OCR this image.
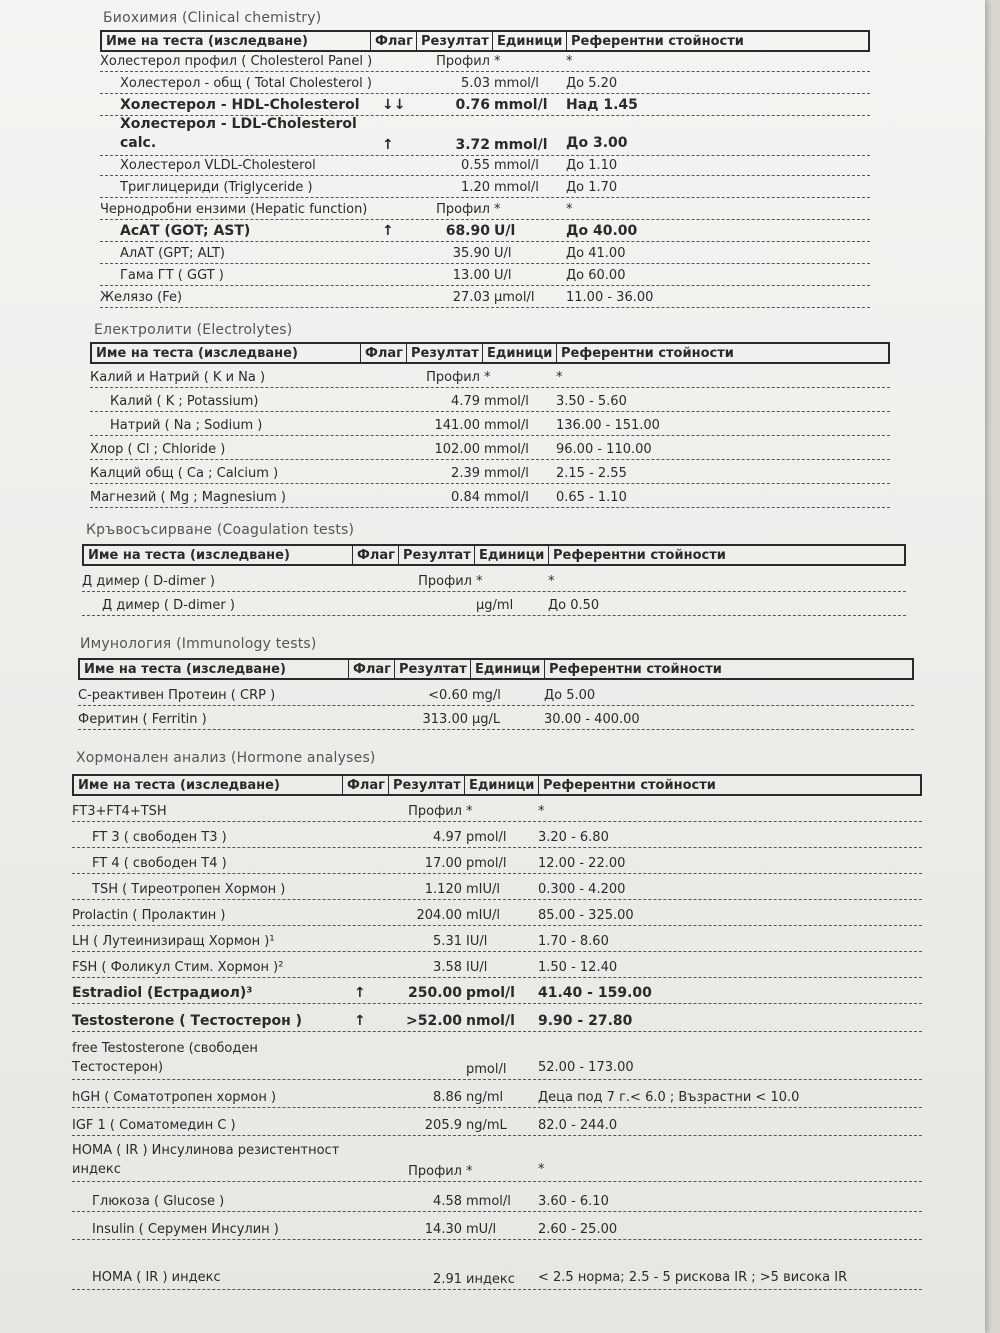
Биохимия (Clinical chemistry)
Име на теста (изследване)	Флаг Резултат Единици Референтни стойности
Холестерол профил ( Cholesterol Panel )	Профил *	*
Холестерол - общ ( Total Cholesterol )	5.03 mmol/l До 5.20
Холестерол - HDL-Cholesterol ↓↓	0.76 mmol/l Над 1.45
Холестерол - LDL-Cholesterol calc.	↑	3.72 mmol/l До 3.00
Холестерол VLDL-Cholesterol	0.55 mmol/l До 1.10
Триглицериди (Triglyceride )	1.20 mmol/l До 1.70
Чернодробни ензими (Hepatic function)	Профил *	*
АсАТ (GOT; AST)	↑	68.90 U/l	До 40.00
АлАТ (GPT; ALT)	35.90 U/l	До 41.00
Гама ГТ ( GGT )	13.00 U/l	До 60.00
Желязо (Fe)	27.03 µmol/l 11.00 - 36.00
Електролити (Electrolytes)
Име на теста (изследване)	Флаг Резултат Единици Референтни стойности
Калий и Натрий ( K и Na )	Профил *	*
Калий ( K ; Potassium)	4.79 mmol/l 3.50 - 5.60
Натрий ( Na ; Sodium )	141.00 mmol/l 136.00 - 151.00
Хлор ( Cl ; Chloride )	102.00 mmol/l 96.00 - 110.00
Калций общ ( Ca ; Calcium )	2.39 mmol/l 2.15 - 2.55
Магнезий ( Mg ; Magnesium )	0.84 mmol/l 0.65 - 1.10
Кръвосъсирване (Coagulation tests)
Име на теста (изследване)	Флаг Резултат Единици Референтни стойности
Д димер ( D-dimer )	Профил *	*
Д димер ( D-dimer )	µg/ml	До 0.50
Имунология (Immunology tests)
Име на теста (изследване)	Флаг Резултат Единици Референтни стойности
С-реактивен Протеин ( CRP )	<0.60 mg/l	До 5.00
Феритин ( Ferritin )	313.00 µg/L	30.00 - 400.00
Хормонален анализ (Hormone analyses)
Име на теста (изследване)	Флаг Резултат Единици Референтни стойности
FT3+FT4+TSH	Профил *	*
FT 3 ( свободен T3 )	4.97 pmol/l 3.20 - 6.80
FT 4 ( свободен T4 )	17.00 pmol/l 12.00 - 22.00
TSH ( Тиреотропен Хормон )	1.120 mIU/l	0.300 - 4.200
Prolactin ( Пролактин )	204.00 mIU/l	85.00 - 325.00
LH ( Лутеинизиращ Хормон )¹	5.31 IU/l	1.70 - 8.60
FSH ( Фоликул Стим. Хормон )²	3.58 IU/l	1.50 - 12.40
Estradiol (Естрадиол)³	↑	250.00 pmol/l 41.40 - 159.00
Testosterone ( Тестостерон )	↑	>52.00 nmol/l 9.90 - 27.80
free Testosterone (свободен Тестостерон)	pmol/l 52.00 - 173.00
hGH ( Соматотропен хормон )	8.86 ng/ml	Деца под 7 г.< 6.0 ; Възрастни < 10.0
IGF 1 ( Соматомедин C )	205.9 ng/mL 82.0 - 244.0
HOMA ( IR ) Инсулинова резистентност индекс	Профил *	*
Глюкоза ( Glucose )	4.58 mmol/l 3.60 - 6.10
Insulin ( Серумен Инсулин )	14.30 mU/l	2.60 - 25.00
HOMA ( IR ) индекс	2.91 индекс < 2.5 норма; 2.5 - 5 рискова IR ; >5 висока IR
